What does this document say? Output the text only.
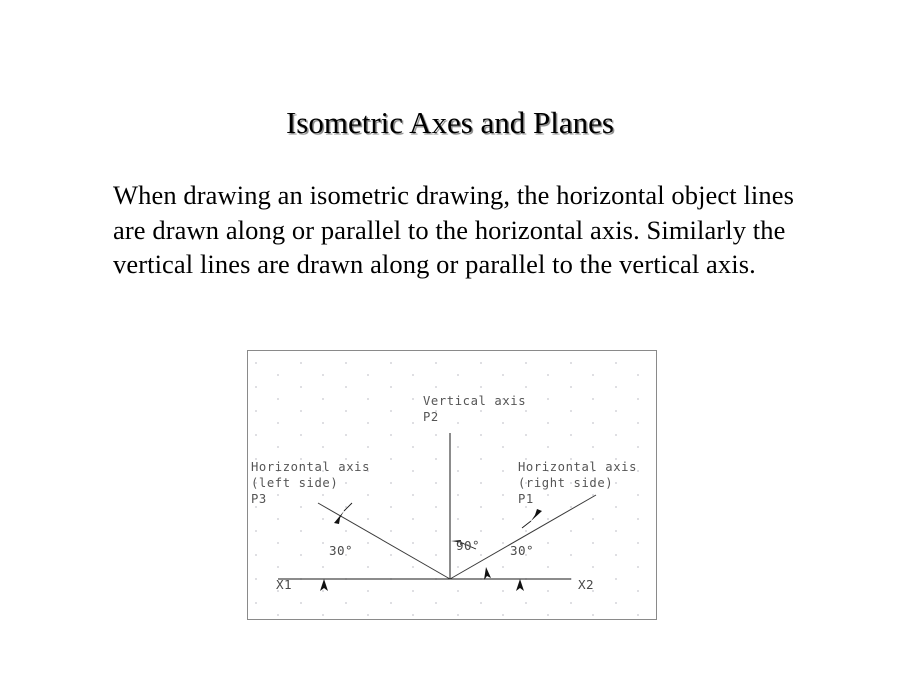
Isometric Axes and Planes
When drawing an isometric drawing, the horizontal object lines are drawn along or parallel to the horizontal axis. Similarly the vertical lines are drawn along or parallel to the vertical axis.
Vertical axis
P2
Horizontal axis
(left side)
P3
Horizontal axis
(right side)
P1
30°	90° 30°
X1	X2
